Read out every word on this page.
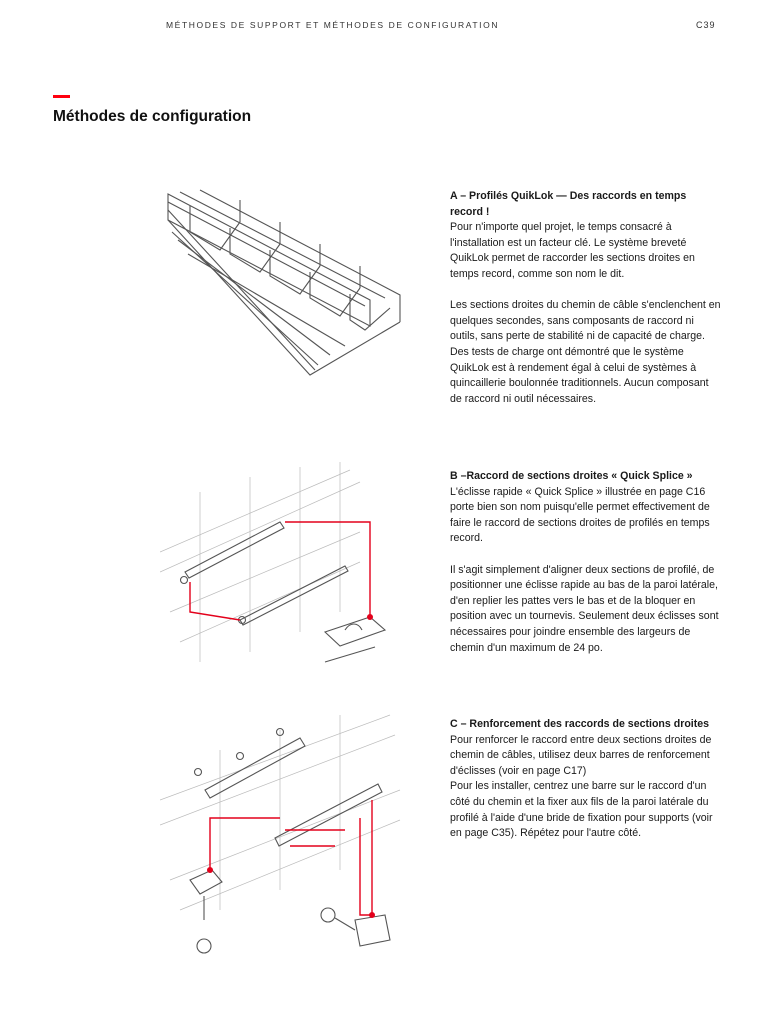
MÉTHODES DE SUPPORT ET MÉTHODES DE CONFIGURATION	C39
Méthodes de configuration
A – Profilés QuikLok — Des raccords en temps record !

Pour n'importe quel projet, le temps consacré à l'installation est un facteur clé. Le système breveté QuikLok permet de raccorder les sections droites en temps record, comme son nom le dit.

Les sections droites du chemin de câble s'enclenchent en quelques secondes, sans composants de raccord ni outils, sans perte de stabilité ni de capacité de charge. Des tests de charge ont démontré que le système QuikLok est à rendement égal à celui de systèmes à quincaillerie boulonnée traditionnels. Aucun composant de raccord ni outil nécessaires.

B –Raccord de sections droites « Quick Splice »

L'éclisse rapide « Quick Splice » illustrée en page C16 porte bien son nom puisqu'elle permet effectivement de faire le raccord de sections droites de profilés en temps record.

Il s'agit simplement d'aligner deux sections de profilé, de positionner une éclisse rapide au bas de la paroi latérale, d'en replier les pattes vers le bas et de la bloquer en position avec un tournevis. Seulement deux éclisses sont nécessaires pour joindre ensemble des largeurs de chemin d'un maximum de 24 po.

C – Renforcement des raccords de sections droites

Pour renforcer le raccord entre deux sections droites de chemin de câbles, utilisez deux barres de renforcement d'éclisses (voir en page C17)
Pour les installer, centrez une barre sur le raccord d'un côté du chemin et la fixer aux fils de la paroi latérale du profilé à l'aide d'une bride de fixation pour supports (voir en page C35). Répétez pour l'autre côté.
